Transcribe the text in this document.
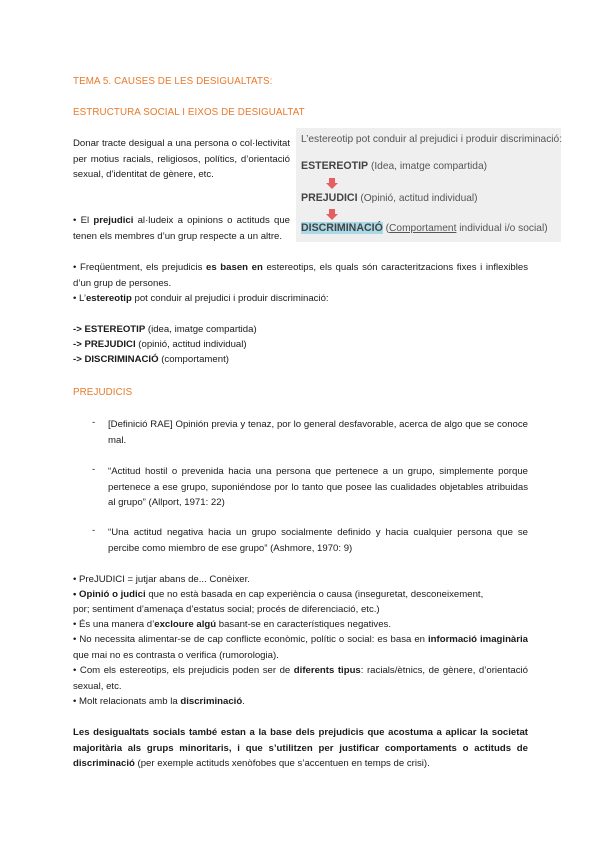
TEMA 5. CAUSES DE LES DESIGUALTATS:
ESTRUCTURA SOCIAL I EIXOS DE DESIGUALTAT
Donar tracte desigual a una persona o col·lectivitat per motius racials, religiosos, polítics, d’orientació sexual, d’identitat de gènere, etc.
• El prejudici al·ludeix a opinions o actituds que tenen els membres d’un grup respecte a un altre.
• Freqüentment, els prejudicis es basen en estereotips, els quals són caracteritzacions fixes i inflexibles d’un grup de persones.
• L’estereotip pot conduir al prejudici i produir discriminació:
-> ESTEREOTIP (idea, imatge compartida)
-> PREJUDICI (opinió, actitud individual)
-> DISCRIMINACIÓ (comportament)
L’estereotip pot conduir al prejudici i produir discriminació:
ESTEREOTIP (Idea, imatge compartida)
PREJUDICI (Opinió, actitud individual)
DISCRIMINACIÓ (Comportament individual i/o social)
PREJUDICIS
- [Definició RAE] Opinión previa y tenaz, por lo general desfavorable, acerca de algo que se conoce mal.
- “Actitud hostil o prevenida hacia una persona que pertenece a un grupo, simplemente porque pertenece a ese grupo, suponiéndose por lo tanto que posee las cualidades objetables atribuidas al grupo” (Allport, 1971: 22)
- “Una actitud negativa hacia un grupo socialmente definido y hacia cualquier persona que se percibe como miembro de ese grupo” (Ashmore, 1970: 9)
• PreJUDICI = jutjar abans de... Conèixer.
• Opinió o judici que no està basada en cap experiència o causa (inseguretat, desconeixement,
por; sentiment d’amenaça d’estatus social; procés de diferenciació, etc.)
• És una manera d’excloure algú basant-se en característiques negatives.
• No necessita alimentar-se de cap conflicte econòmic, polític o social: es basa en informació imaginària que mai no es contrasta o verifica (rumorologia).
• Com els estereotips, els prejudicis poden ser de diferents tipus: racials/ètnics, de gènere, d’orientació sexual, etc.
• Molt relacionats amb la discriminació.
Les desigualtats socials també estan a la base dels prejudicis que acostuma a aplicar la societat majoritària als grups minoritaris, i que s’utilitzen per justificar comportaments o actituds de discriminació (per exemple actituds xenòfobes que s’accentuen en temps de crisi).
